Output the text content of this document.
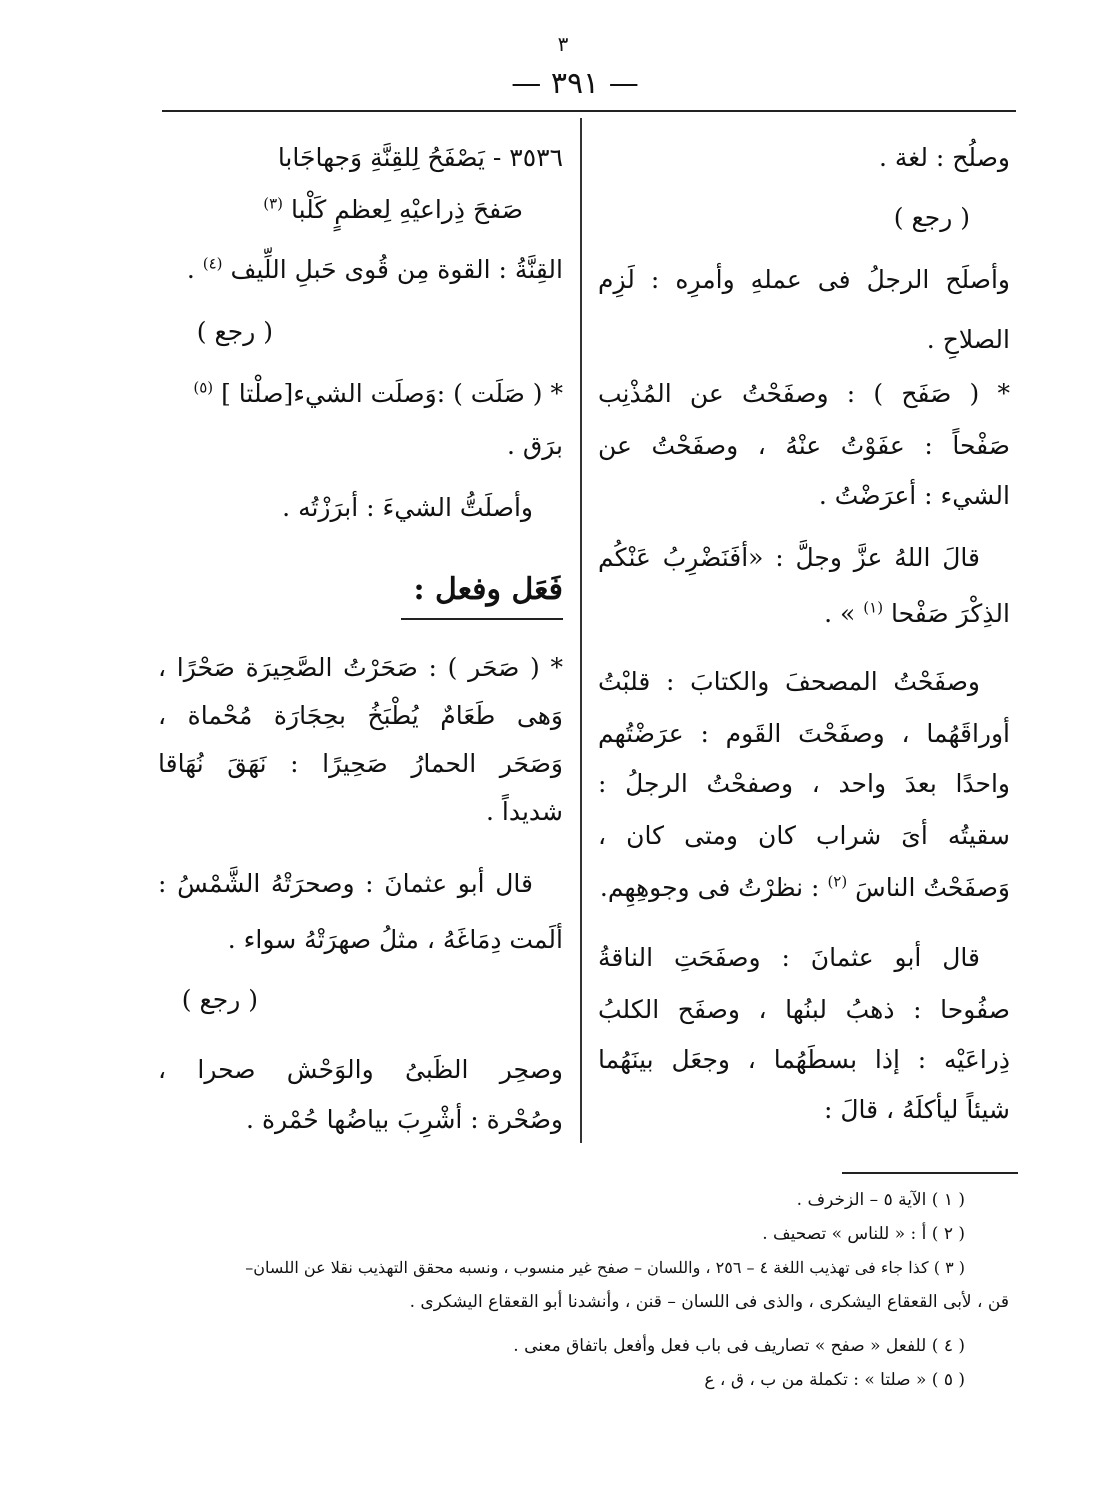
٣
— ٣٩١ —
وصلُح : لغة .
( رجع )
وأصلَح الرجلُ فى عملهِ وأمرِه : لَزِم
الصلاحِ .
* ( صَفَح ) : وصفَحْتُ عن المُذْنِب
صَفْحاً : عفَوْتُ عنْهُ ، وصفَحْتُ عن
الشيء : أعرَضْتُ .
قالَ اللهُ عزَّ وجلَّ : «أفَنَضْرِبُ عَنْكُم
الذِكْرَ صَفْحا $^{(١)}$ » .
وصفَحْتُ المصحفَ والكتابَ : قلبْتُ
أوراقَهُما ، وصفَحْتَ القَوم : عرَضْتُهم
واحدًا بعدَ واحد ، وصفحْتُ الرجلُ :
سقيتُه أىَ شراب كان ومتى كان ،
وَصفَحْتُ الناسَ $^{(٢)}$ : نظرْتُ فى وجوهِهِم.
قال أبو عثمانَ : وصفَحَتِ الناقةُ
صفُوحا : ذهبُ لبنُها ، وصفَح الكلبُ
ذِراعَيْه : إذا بسطَهُما ، وجعَل بينَهُما
شيئاً ليأكلَهُ ، قالَ :
٣٥٣٦ - يَصْفَحُ لِلقِنَّةِ وَجهاجَابا
صَفحَ ذِراعيْهِ لِعظمٍ كَلْبا $^{(٣)}$
القِنَّةُ : القوة مِن قُوى حَبلِ اللِّيف $^{(٤)}$ .
( رجع )
* ( صَلَت ) :وَصلَت الشيء[صلْتا ] $^{(٥)}$
برَق .
وأصلَتُّ الشيءَ : أبرَزْتُه .
فَعَل وفعل :
* ( صَحَر ) : صَحَرْتُ الصَّحِيرَة صَحْرًا ،
وَهى طَعَامٌ يُطْبَخُ بحِجَارَة مُحْماة ،
وَصَحَر الحمارُ صَحِيرًا : نَهَقَ نُهَاقا
شديداً .
قال أبو عثمانَ : وصحرَتْهُ الشَّمْسُ :
ألَمت دِمَاغَهُ ، مثلُ صهرَتْهُ سواء .
( رجع )
وصحِر الظَبىُ والوَحْش صحرا ،
وصُحْرة : أشْرِبَ بياضُها حُمْرة .
( ١ ) الآية ٥ – الزخرف .
( ٢ ) أ : « للناس » تصحيف .
( ٣ ) كذا جاء فى تهذيب اللغة ٤ – ٢٥٦ ، واللسان – صفح غير منسوب ، ونسبه محقق التهذيب نقلا عن اللسان–
قن ، لأبى القعقاع اليشكرى ، والذى فى اللسان – قنن ، وأنشدنا أبو القعقاع اليشكرى .
( ٤ ) للفعل « صفح » تصاريف فى باب فعل وأفعل باتفاق معنى .
( ٥ ) « صلتا » : تكملة من ب ، ق ، ع
